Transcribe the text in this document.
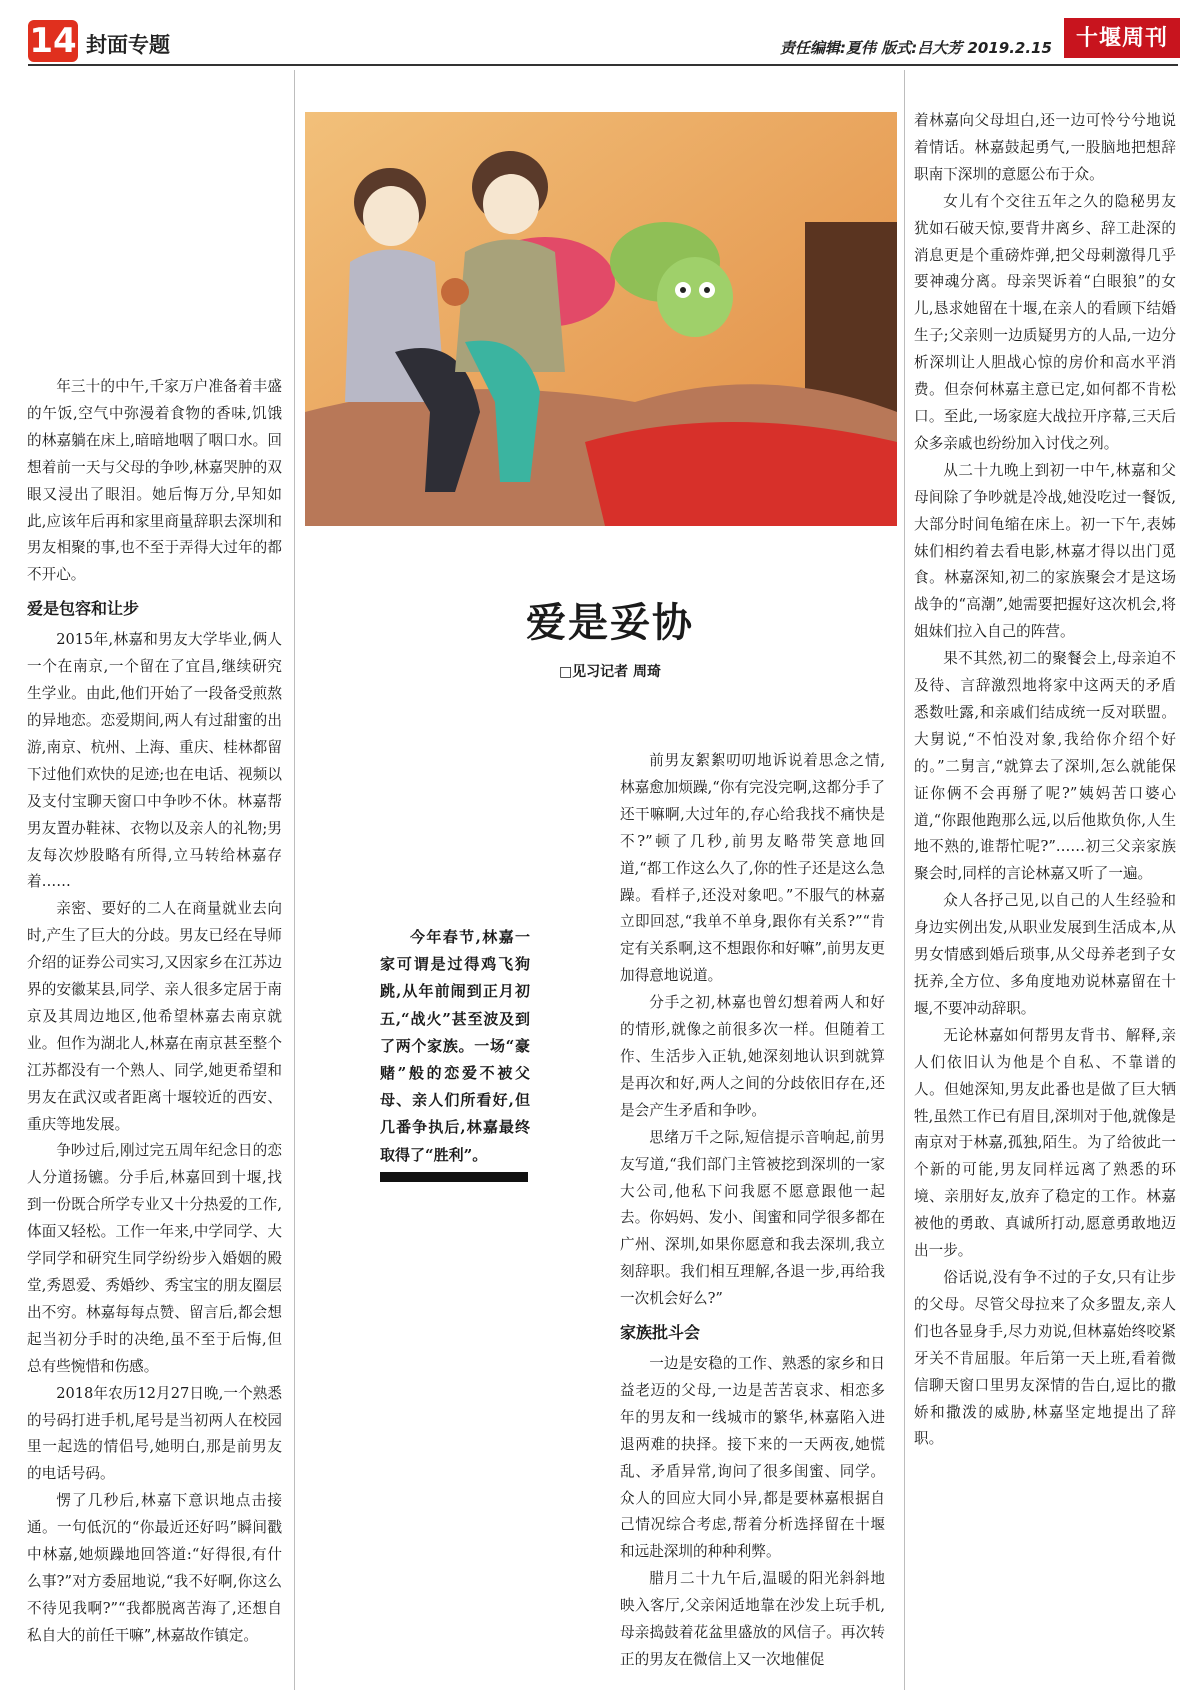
14 封面专题	责任编辑:夏伟 版式:吕大芳 2019.2.15	十堰周刊
爱是妥协
□见习记者 周琦

今年春节,林嘉一家可谓是过得鸡飞狗跳,从年前闹到正月初五,“战火”甚至波及到了两个家族。一场“豪赌”般的恋爱不被父母、亲人们所看好,但几番争执后,林嘉最终取得了“胜利”。

年三十的中午,千家万户准备着丰盛的午饭,空气中弥漫着食物的香味,饥饿的林嘉躺在床上,暗暗地咽了咽口水。回想着前一天与父母的争吵,林嘉哭肿的双眼又浸出了眼泪。她后悔万分,早知如此,应该年后再和家里商量辞职去深圳和男友相聚的事,也不至于弄得大过年的都不开心。

爱是包容和让步

2015年,林嘉和男友大学毕业,俩人一个在南京,一个留在了宜昌,继续研究生学业。由此,他们开始了一段备受煎熬的异地恋。恋爱期间,两人有过甜蜜的出游,南京、杭州、上海、重庆、桂林都留下过他们欢快的足迹;也在电话、视频以及支付宝聊天窗口中争吵不休。林嘉帮男友置办鞋袜、衣物以及亲人的礼物;男友每次炒股略有所得,立马转给林嘉存着……

亲密、要好的二人在商量就业去向时,产生了巨大的分歧。男友已经在导师介绍的证券公司实习,又因家乡在江苏边界的安徽某县,同学、亲人很多定居于南京及其周边地区,他希望林嘉去南京就业。但作为湖北人,林嘉在南京甚至整个江苏都没有一个熟人、同学,她更希望和男友在武汉或者距离十堰较近的西安、重庆等地发展。

争吵过后,刚过完五周年纪念日的恋人分道扬镳。分手后,林嘉回到十堰,找到一份既合所学专业又十分热爱的工作,体面又轻松。工作一年来,中学同学、大学同学和研究生同学纷纷步入婚姻的殿堂,秀恩爱、秀婚纱、秀宝宝的朋友圈层出不穷。林嘉每每点赞、留言后,都会想起当初分手时的决绝,虽不至于后悔,但总有些惋惜和伤感。

2018年农历12月27日晚,一个熟悉的号码打进手机,尾号是当初两人在校园里一起选的情侣号,她明白,那是前男友的电话号码。

愣了几秒后,林嘉下意识地点击接通。一句低沉的“你最近还好吗”瞬间戳中林嘉,她烦躁地回答道:“好得很,有什么事?”对方委屈地说,“我不好啊,你这么不待见我啊?”“我都脱离苦海了,还想自私自大的前任干嘛”,林嘉故作镇定。

前男友絮絮叨叨地诉说着思念之情,林嘉愈加烦躁,“你有完没完啊,这都分手了还干嘛啊,大过年的,存心给我找不痛快是不?”顿了几秒,前男友略带笑意地回道,“都工作这么久了,你的性子还是这么急躁。看样子,还没对象吧。”不服气的林嘉立即回怼,“我单不单身,跟你有关系?”“肯定有关系啊,这不想跟你和好嘛”,前男友更加得意地说道。

分手之初,林嘉也曾幻想着两人和好的情形,就像之前很多次一样。但随着工作、生活步入正轨,她深刻地认识到就算是再次和好,两人之间的分歧依旧存在,还是会产生矛盾和争吵。

思绪万千之际,短信提示音响起,前男友写道,“我们部门主管被挖到深圳的一家大公司,他私下问我愿不愿意跟他一起去。你妈妈、发小、闺蜜和同学很多都在广州、深圳,如果你愿意和我去深圳,我立刻辞职。我们相互理解,各退一步,再给我一次机会好么?”

家族批斗会

一边是安稳的工作、熟悉的家乡和日益老迈的父母,一边是苦苦哀求、相恋多年的男友和一线城市的繁华,林嘉陷入进退两难的抉择。接下来的一天两夜,她慌乱、矛盾异常,询问了很多闺蜜、同学。众人的回应大同小异,都是要林嘉根据自己情况综合考虑,帮着分析选择留在十堰和远赴深圳的种种利弊。

腊月二十九午后,温暖的阳光斜斜地映入客厅,父亲闲适地靠在沙发上玩手机,母亲捣鼓着花盆里盛放的风信子。再次转正的男友在微信上又一次地催促

着林嘉向父母坦白,还一边可怜兮兮地说着情话。林嘉鼓起勇气,一股脑地把想辞职南下深圳的意愿公布于众。

女儿有个交往五年之久的隐秘男友犹如石破天惊,要背井离乡、辞工赴深的消息更是个重磅炸弹,把父母刺激得几乎要神魂分离。母亲哭诉着“白眼狼”的女儿,恳求她留在十堰,在亲人的看顾下结婚生子;父亲则一边质疑男方的人品,一边分析深圳让人胆战心惊的房价和高水平消费。但奈何林嘉主意已定,如何都不肯松口。至此,一场家庭大战拉开序幕,三天后众多亲戚也纷纷加入讨伐之列。

从二十九晚上到初一中午,林嘉和父母间除了争吵就是冷战,她没吃过一餐饭,大部分时间龟缩在床上。初一下午,表姊妹们相约着去看电影,林嘉才得以出门觅食。林嘉深知,初二的家族聚会才是这场战争的“高潮”,她需要把握好这次机会,将姐妹们拉入自己的阵营。

果不其然,初二的聚餐会上,母亲迫不及待、言辞激烈地将家中这两天的矛盾悉数吐露,和亲戚们结成统一反对联盟。大舅说,“不怕没对象,我给你介绍个好的。”二舅言,“就算去了深圳,怎么就能保证你俩不会再掰了呢?”姨妈苦口婆心道,“你跟他跑那么远,以后他欺负你,人生地不熟的,谁帮忙呢?”……初三父亲家族聚会时,同样的言论林嘉又听了一遍。

众人各抒己见,以自己的人生经验和身边实例出发,从职业发展到生活成本,从男女情感到婚后琐事,从父母养老到子女抚养,全方位、多角度地劝说林嘉留在十堰,不要冲动辞职。

无论林嘉如何帮男友背书、解释,亲人们依旧认为他是个自私、不靠谱的人。但她深知,男友此番也是做了巨大牺牲,虽然工作已有眉目,深圳对于他,就像是南京对于林嘉,孤独,陌生。为了给彼此一个新的可能,男友同样远离了熟悉的环境、亲朋好友,放弃了稳定的工作。林嘉被他的勇敢、真诚所打动,愿意勇敢地迈出一步。

俗话说,没有争不过的子女,只有让步的父母。尽管父母拉来了众多盟友,亲人们也各显身手,尽力劝说,但林嘉始终咬紧牙关不肯屈服。年后第一天上班,看着微信聊天窗口里男友深情的告白,逗比的撒娇和撒泼的威胁,林嘉坚定地提出了辞职。
